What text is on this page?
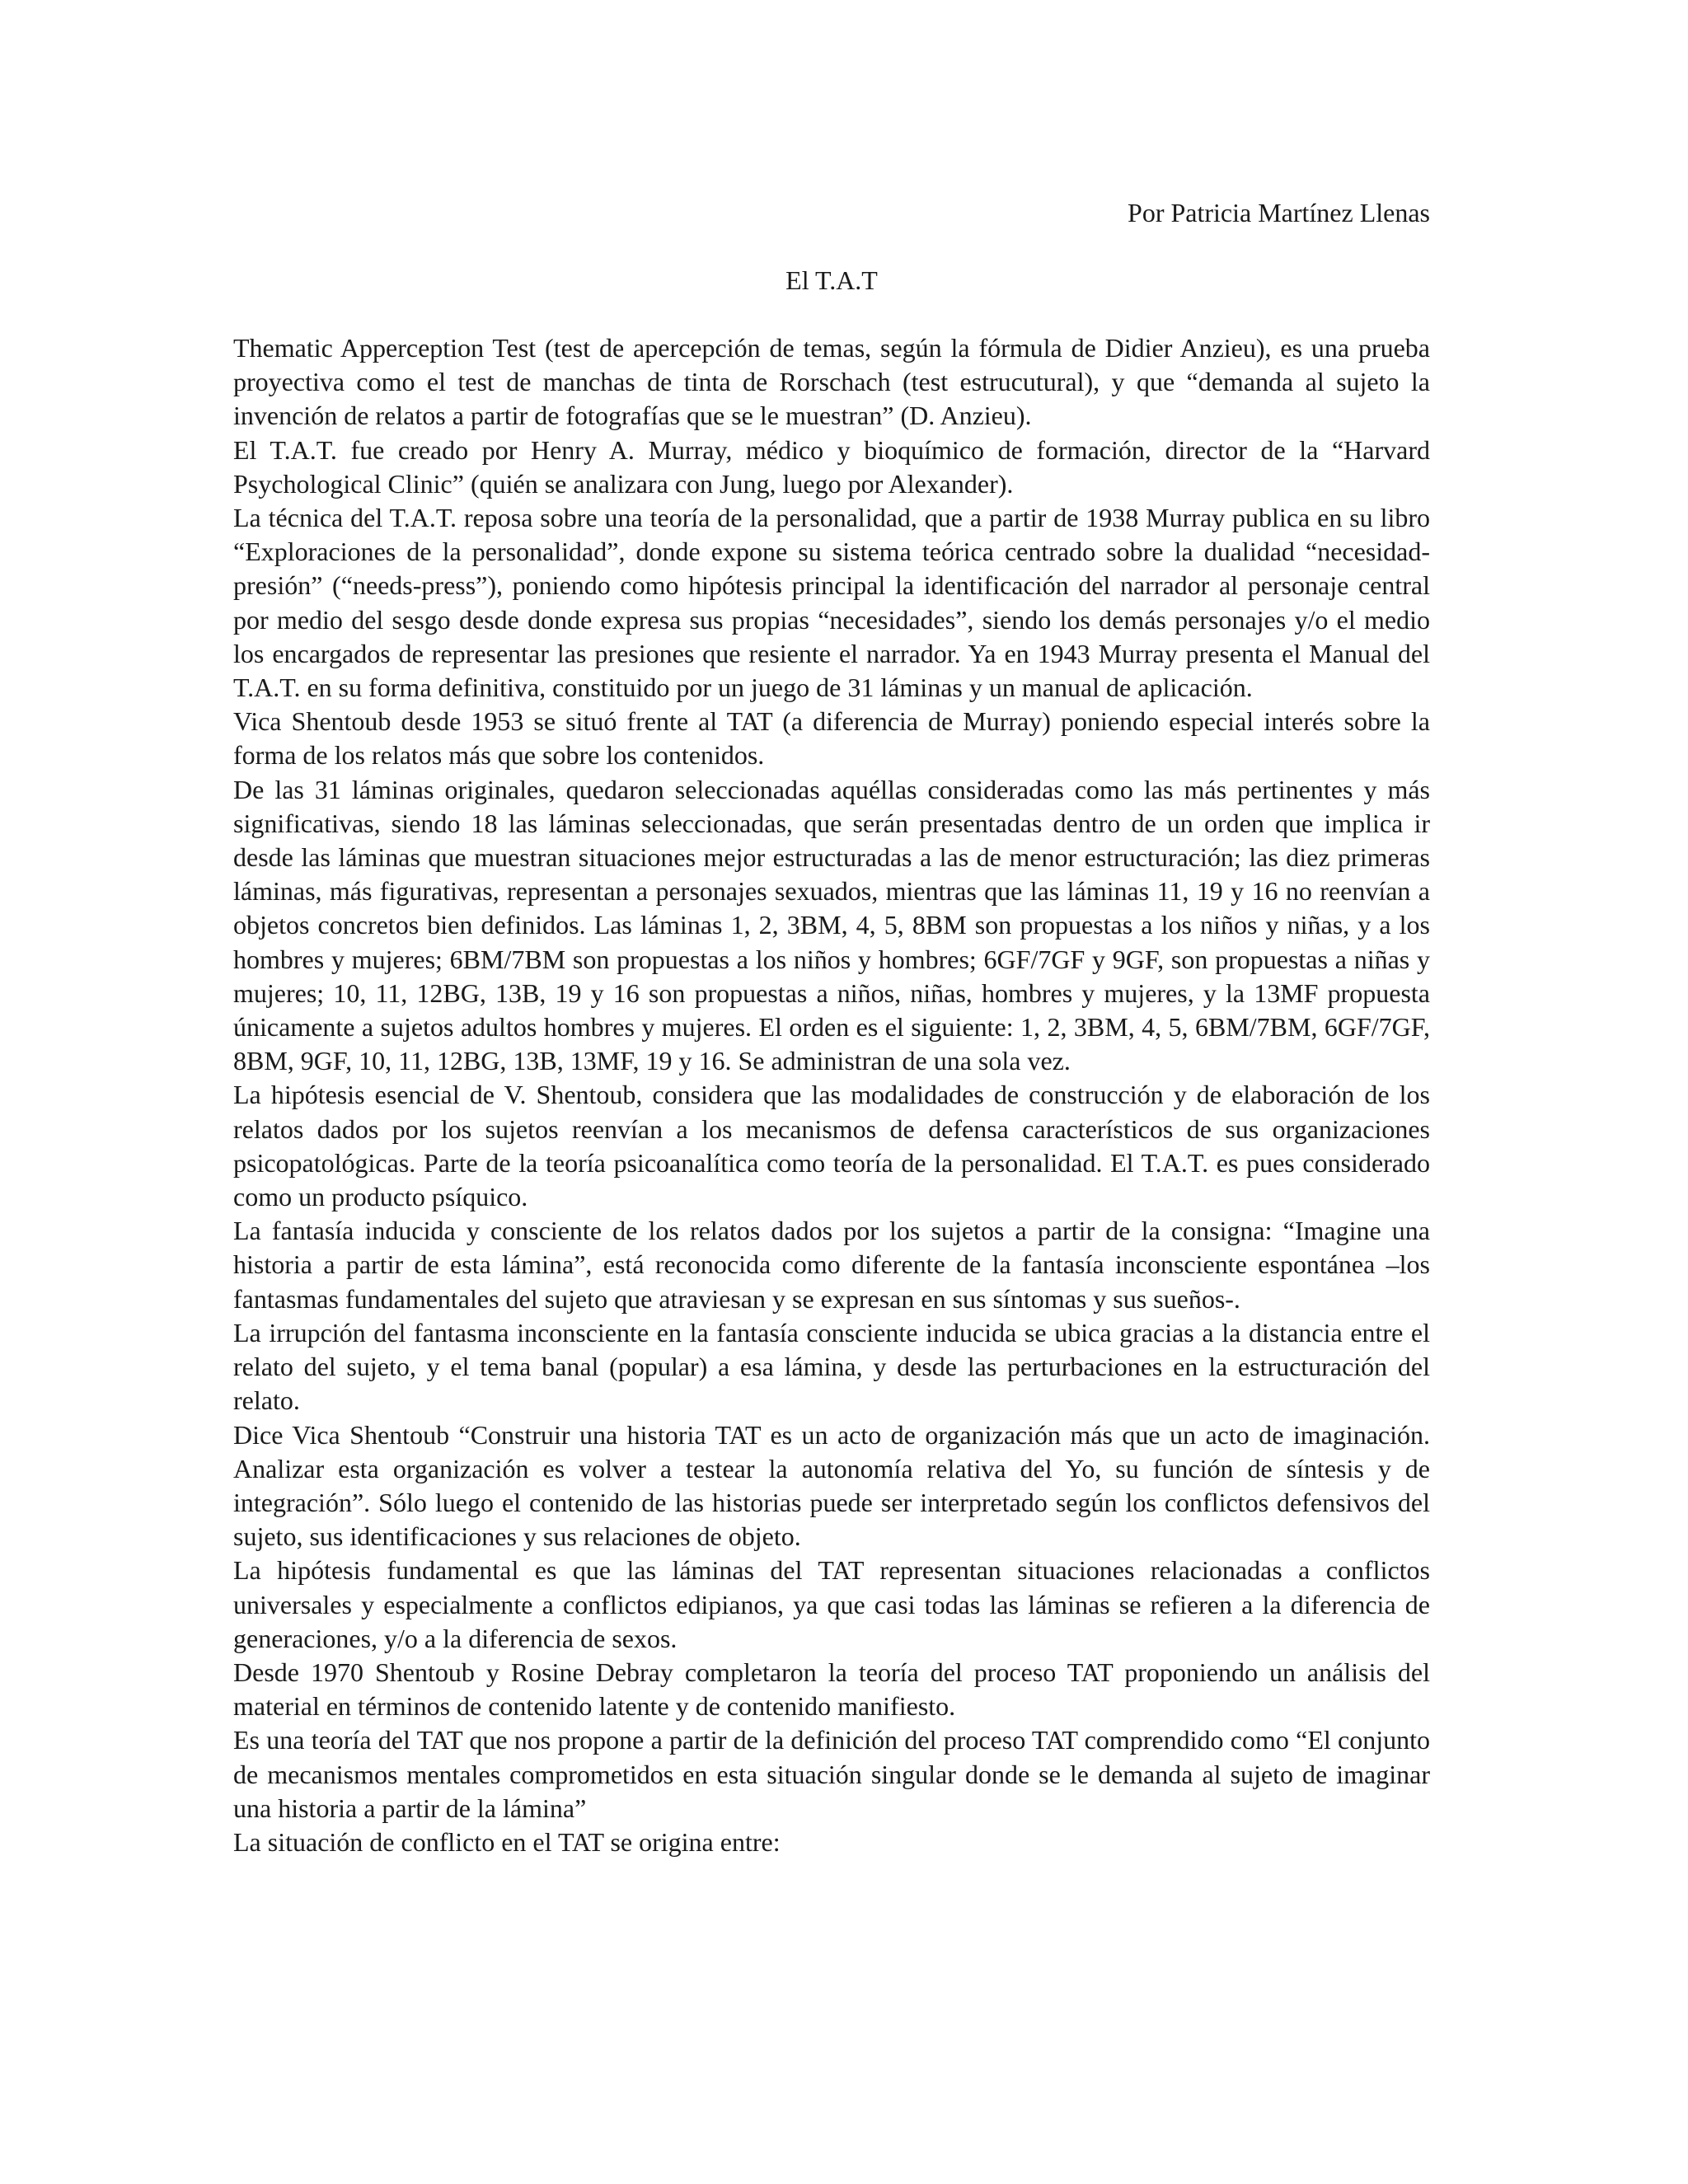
Por Patricia Martínez Llenas
El T.A.T

Thematic Apperception Test (test de apercepción de temas, según la fórmula de Didier Anzieu), es una prueba proyectiva como el test de manchas de tinta de Rorschach (test estrucutural), y que “demanda al sujeto la invención de relatos a partir de fotografías que se le muestran” (D. Anzieu).

El T.A.T. fue creado por Henry A. Murray, médico y bioquímico de formación, director de la “Harvard Psychological Clinic” (quién se analizara con Jung, luego por Alexander).

La técnica del T.A.T. reposa sobre una teoría de la personalidad, que a partir de 1938 Murray publica en su libro “Exploraciones de la personalidad”, donde expone su sistema teórica centrado sobre la dualidad “necesidad-presión” (“needs-press”), poniendo como hipótesis principal la identificación del narrador al personaje central por medio del sesgo desde donde expresa sus propias “necesidades”, siendo los demás personajes y/o el medio los encargados de representar las presiones que resiente el narrador. Ya en 1943 Murray presenta el Manual del T.A.T. en su forma definitiva, constituido por un juego de 31 láminas y un manual de aplicación.

Vica Shentoub desde 1953 se situó frente al TAT (a diferencia de Murray) poniendo especial interés sobre la forma de los relatos más que sobre los contenidos.

De las 31 láminas originales, quedaron seleccionadas aquéllas consideradas como las más pertinentes y más significativas, siendo 18 las láminas seleccionadas, que serán presentadas dentro de un orden que implica ir desde las láminas que muestran situaciones mejor estructuradas a las de menor estructuración; las diez primeras láminas, más figurativas, representan a personajes sexuados, mientras que las láminas 11, 19 y 16 no reenvían a objetos concretos bien definidos. Las láminas 1, 2, 3BM, 4, 5, 8BM son propuestas a los niños y niñas, y a los hombres y mujeres; 6BM/7BM son propuestas a los niños y hombres; 6GF/7GF y 9GF, son propuestas a niñas y mujeres; 10, 11, 12BG, 13B, 19 y 16 son propuestas a niños, niñas, hombres y mujeres, y la 13MF propuesta únicamente a sujetos adultos hombres y mujeres. El orden es el siguiente: 1, 2, 3BM, 4, 5, 6BM/7BM, 6GF/7GF, 8BM, 9GF, 10, 11, 12BG, 13B, 13MF, 19 y 16. Se administran de una sola vez.

La hipótesis esencial de V. Shentoub, considera que las modalidades de construcción y de elaboración de los relatos dados por los sujetos reenvían a los mecanismos de defensa característicos de sus organizaciones psicopatológicas. Parte de la teoría psicoanalítica como teoría de la personalidad. El T.A.T. es pues considerado como un producto psíquico.

La fantasía inducida y consciente de los relatos dados por los sujetos a partir de la consigna: “Imagine una historia a partir de esta lámina”, está reconocida como diferente de la fantasía inconsciente espontánea –los fantasmas fundamentales del sujeto que atraviesan y se expresan en sus síntomas y sus sueños-.

La irrupción del fantasma inconsciente en la fantasía consciente inducida se ubica gracias a la distancia entre el relato del sujeto, y el tema banal (popular) a esa lámina, y desde las perturbaciones en la estructuración del relato.

Dice Vica Shentoub “Construir una historia TAT es un acto de organización más que un acto de imaginación. Analizar esta organización es volver a testear la autonomía relativa del Yo, su función de síntesis y de integración”. Sólo luego el contenido de las historias puede ser interpretado según los conflictos defensivos del sujeto, sus identificaciones y sus relaciones de objeto.

La hipótesis fundamental es que las láminas del TAT representan situaciones relacionadas a conflictos universales y especialmente a conflictos edipianos, ya que casi todas las láminas se refieren a la diferencia de generaciones, y/o a la diferencia de sexos.

Desde 1970 Shentoub y Rosine Debray completaron la teoría del proceso TAT proponiendo un análisis del material en términos de contenido latente y de contenido manifiesto.

Es una teoría del TAT que nos propone a partir de la definición del proceso TAT comprendido como “El conjunto de mecanismos mentales comprometidos en esta situación singular donde se le demanda al sujeto de imaginar una historia a partir de la lámina”

La situación de conflicto en el TAT se origina entre:
